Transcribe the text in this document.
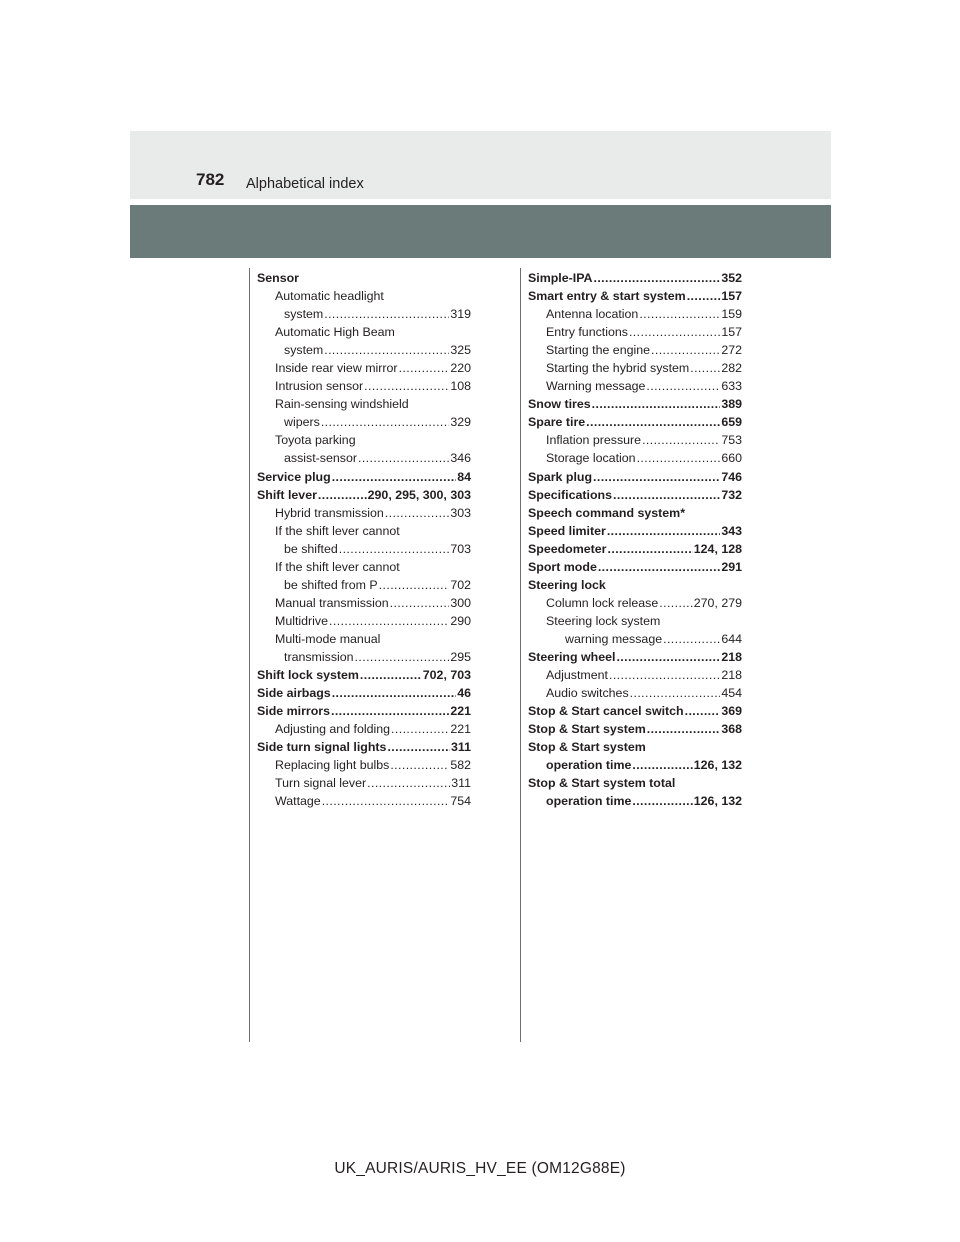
782 Alphabetical index
Sensor
Automatic headlight
system .....	319
Automatic High Beam
system .....	325
Inside rear view mirror .....	220
Intrusion sensor .....	108
Rain-sensing windshield
wipers .....	329
Toyota parking
assist-sensor .....	346
Service plug .....	84
Shift lever .....	290, 295, 300, 303
Hybrid transmission .....	303
If the shift lever cannot
be shifted .....	703
If the shift lever cannot
be shifted from P .....	702
Manual transmission .....	300
Multidrive .....	290
Multi-mode manual
transmission .....	295
Shift lock system .....	702, 703
Side airbags .....	46
Side mirrors .....	221
Adjusting and folding .....	221
Side turn signal lights .....	311
Replacing light bulbs .....	582
Turn signal lever .....	311
Wattage .....	754
Simple-IPA .....	352
Smart entry & start system .....	157
Antenna location .....	159
Entry functions .....	157
Starting the engine .....	272
Starting the hybrid system .....	282
Warning message .....	633
Snow tires .....	389
Spare tire .....	659
Inflation pressure .....	753
Storage location .....	660
Spark plug .....	746
Specifications .....	732
Speech command system*
Speed limiter .....	343
Speedometer .....	124, 128
Sport mode .....	291
Steering lock
Column lock release .....	270, 279
Steering lock system
warning message .....	644
Steering wheel .....	218
Adjustment .....	218
Audio switches .....	454
Stop & Start cancel switch .....	369
Stop & Start system .....	368
Stop & Start system
operation time .....	126, 132
Stop & Start system total
operation time .....	126, 132
UK_AURIS/AURIS_HV_EE (OM12G88E)
